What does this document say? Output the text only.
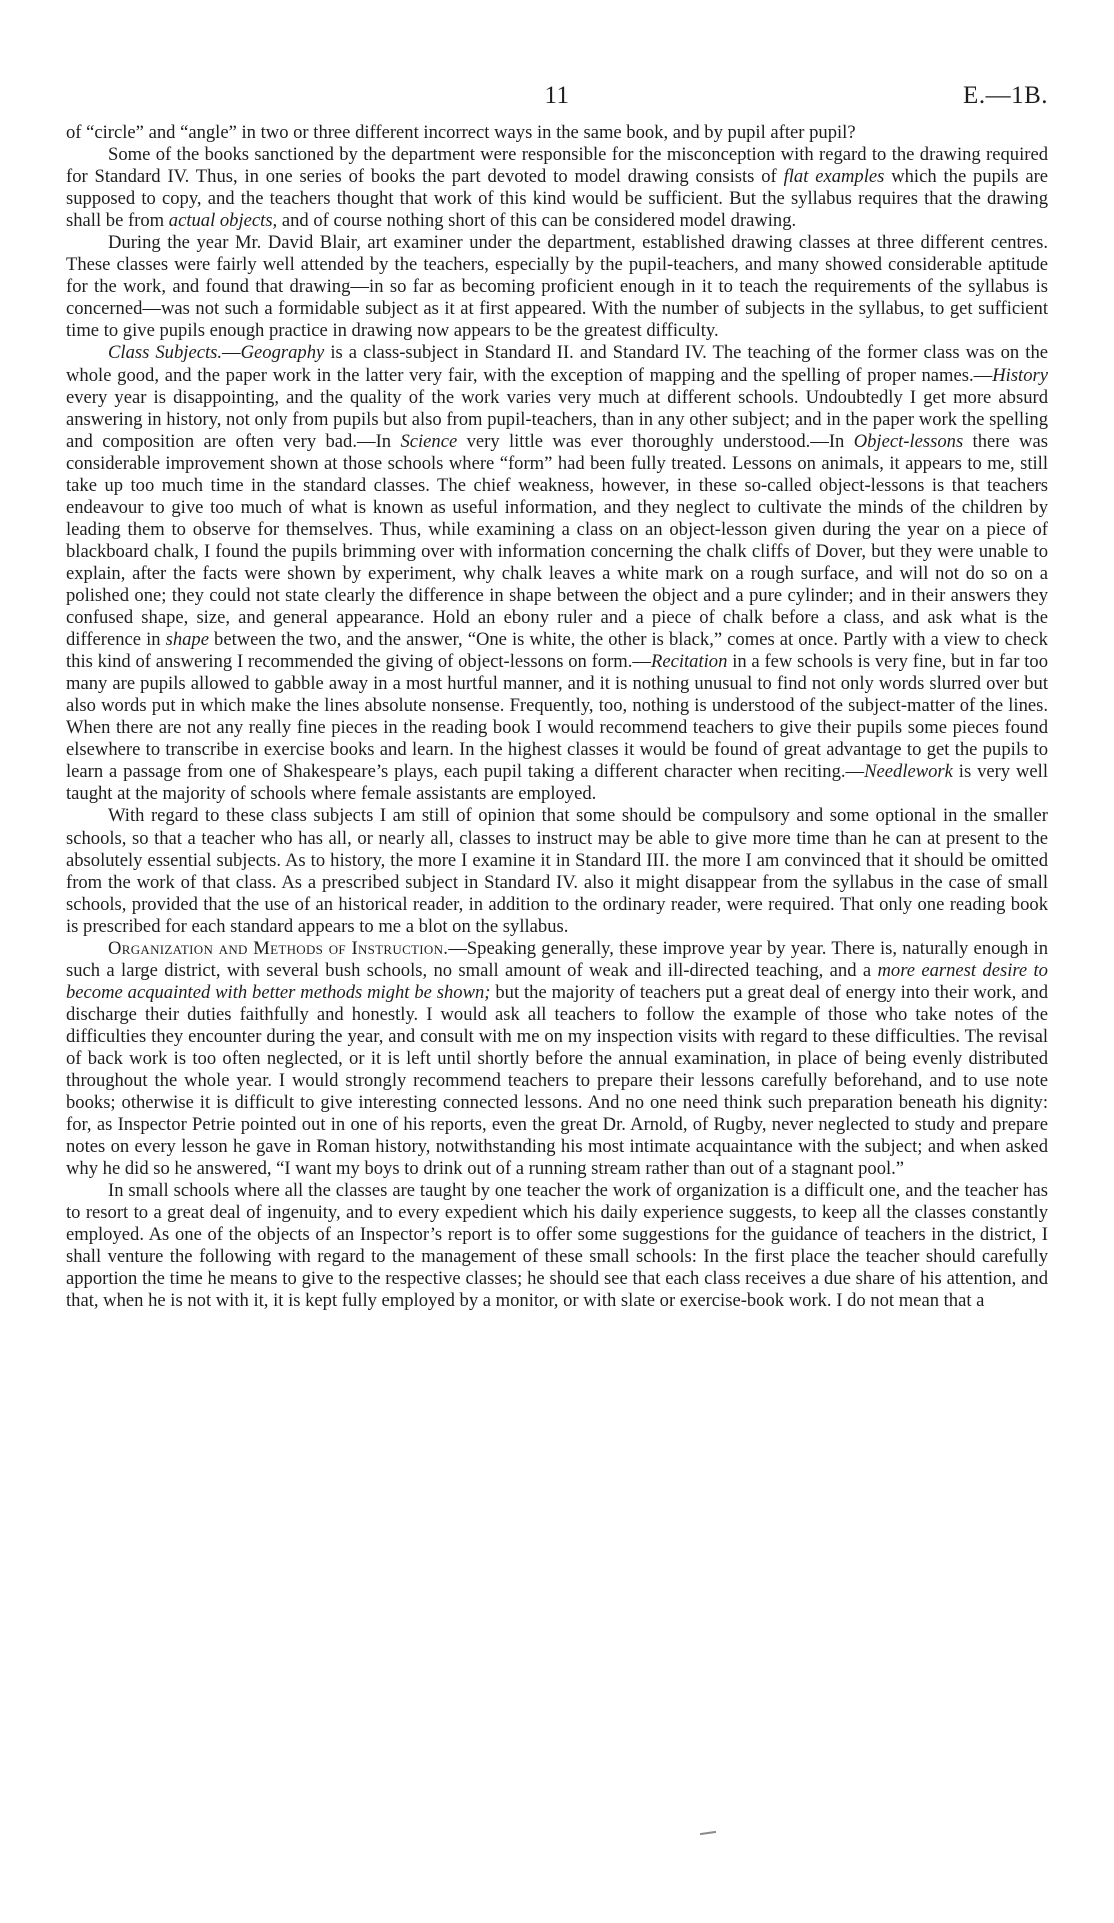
11	E.—1B.

of “circle” and “angle” in two or three different incorrect ways in the same book, and by pupil after pupil?

Some of the books sanctioned by the department were responsible for the misconception with regard to the drawing required for Standard IV. Thus, in one series of books the part devoted to model drawing consists of flat examples which the pupils are supposed to copy, and the teachers thought that work of this kind would be sufficient. But the syllabus requires that the drawing shall be from actual objects, and of course nothing short of this can be considered model drawing.

During the year Mr. David Blair, art examiner under the department, established drawing classes at three different centres. These classes were fairly well attended by the teachers, especially by the pupil-teachers, and many showed considerable aptitude for the work, and found that drawing—in so far as becoming proficient enough in it to teach the requirements of the syllabus is concerned—was not such a formidable subject as it at first appeared. With the number of subjects in the syllabus, to get sufficient time to give pupils enough practice in drawing now appears to be the greatest difficulty.

Class Subjects.—Geography is a class-subject in Standard II. and Standard IV. The teaching of the former class was on the whole good, and the paper work in the latter very fair, with the exception of mapping and the spelling of proper names.—History every year is disappointing, and the quality of the work varies very much at different schools. Undoubtedly I get more absurd answering in history, not only from pupils but also from pupil-teachers, than in any other subject; and in the paper work the spelling and composition are often very bad.—In Science very little was ever thoroughly understood.—In Object-lessons there was considerable improvement shown at those schools where “form” had been fully treated. Lessons on animals, it appears to me, still take up too much time in the standard classes. The chief weakness, however, in these so-called object-lessons is that teachers endeavour to give too much of what is known as useful information, and they neglect to cultivate the minds of the children by leading them to observe for themselves. Thus, while examining a class on an object-lesson given during the year on a piece of blackboard chalk, I found the pupils brimming over with information concerning the chalk cliffs of Dover, but they were unable to explain, after the facts were shown by experiment, why chalk leaves a white mark on a rough surface, and will not do so on a polished one; they could not state clearly the difference in shape between the object and a pure cylinder; and in their answers they confused shape, size, and general appearance. Hold an ebony ruler and a piece of chalk before a class, and ask what is the difference in shape between the two, and the answer, “One is white, the other is black,” comes at once. Partly with a view to check this kind of answering I recommended the giving of object-lessons on form.—Recitation in a few schools is very fine, but in far too many are pupils allowed to gabble away in a most hurtful manner, and it is nothing unusual to find not only words slurred over but also words put in which make the lines absolute nonsense. Frequently, too, nothing is understood of the subject-matter of the lines. When there are not any really fine pieces in the reading book I would recommend teachers to give their pupils some pieces found elsewhere to transcribe in exercise books and learn. In the highest classes it would be found of great advantage to get the pupils to learn a passage from one of Shakespeare’s plays, each pupil taking a different character when reciting.—Needlework is very well taught at the majority of schools where female assistants are employed.

With regard to these class subjects I am still of opinion that some should be compulsory and some optional in the smaller schools, so that a teacher who has all, or nearly all, classes to instruct may be able to give more time than he can at present to the absolutely essential subjects. As to history, the more I examine it in Standard III. the more I am convinced that it should be omitted from the work of that class. As a prescribed subject in Standard IV. also it might disappear from the syllabus in the case of small schools, provided that the use of an historical reader, in addition to the ordinary reader, were required. That only one reading book is prescribed for each standard appears to me a blot on the syllabus.

Organization and Methods of Instruction.—Speaking generally, these improve year by year. There is, naturally enough in such a large district, with several bush schools, no small amount of weak and ill-directed teaching, and a more earnest desire to become acquainted with better methods might be shown; but the majority of teachers put a great deal of energy into their work, and discharge their duties faithfully and honestly. I would ask all teachers to follow the example of those who take notes of the difficulties they encounter during the year, and consult with me on my inspection visits with regard to these difficulties. The revisal of back work is too often neglected, or it is left until shortly before the annual examination, in place of being evenly distributed throughout the whole year. I would strongly recommend teachers to prepare their lessons carefully beforehand, and to use note books; otherwise it is difficult to give interesting connected lessons. And no one need think such preparation beneath his dignity: for, as Inspector Petrie pointed out in one of his reports, even the great Dr. Arnold, of Rugby, never neglected to study and prepare notes on every lesson he gave in Roman history, notwithstanding his most intimate acquaintance with the subject; and when asked why he did so he answered, “I want my boys to drink out of a running stream rather than out of a stagnant pool.”

In small schools where all the classes are taught by one teacher the work of organization is a difficult one, and the teacher has to resort to a great deal of ingenuity, and to every expedient which his daily experience suggests, to keep all the classes constantly employed. As one of the objects of an Inspector’s report is to offer some suggestions for the guidance of teachers in the district, I shall venture the following with regard to the management of these small schools: In the first place the teacher should carefully apportion the time he means to give to the respective classes; he should see that each class receives a due share of his attention, and that, when he is not with it, it is kept fully employed by a monitor, or with slate or exercise-book work. I do not mean that a
